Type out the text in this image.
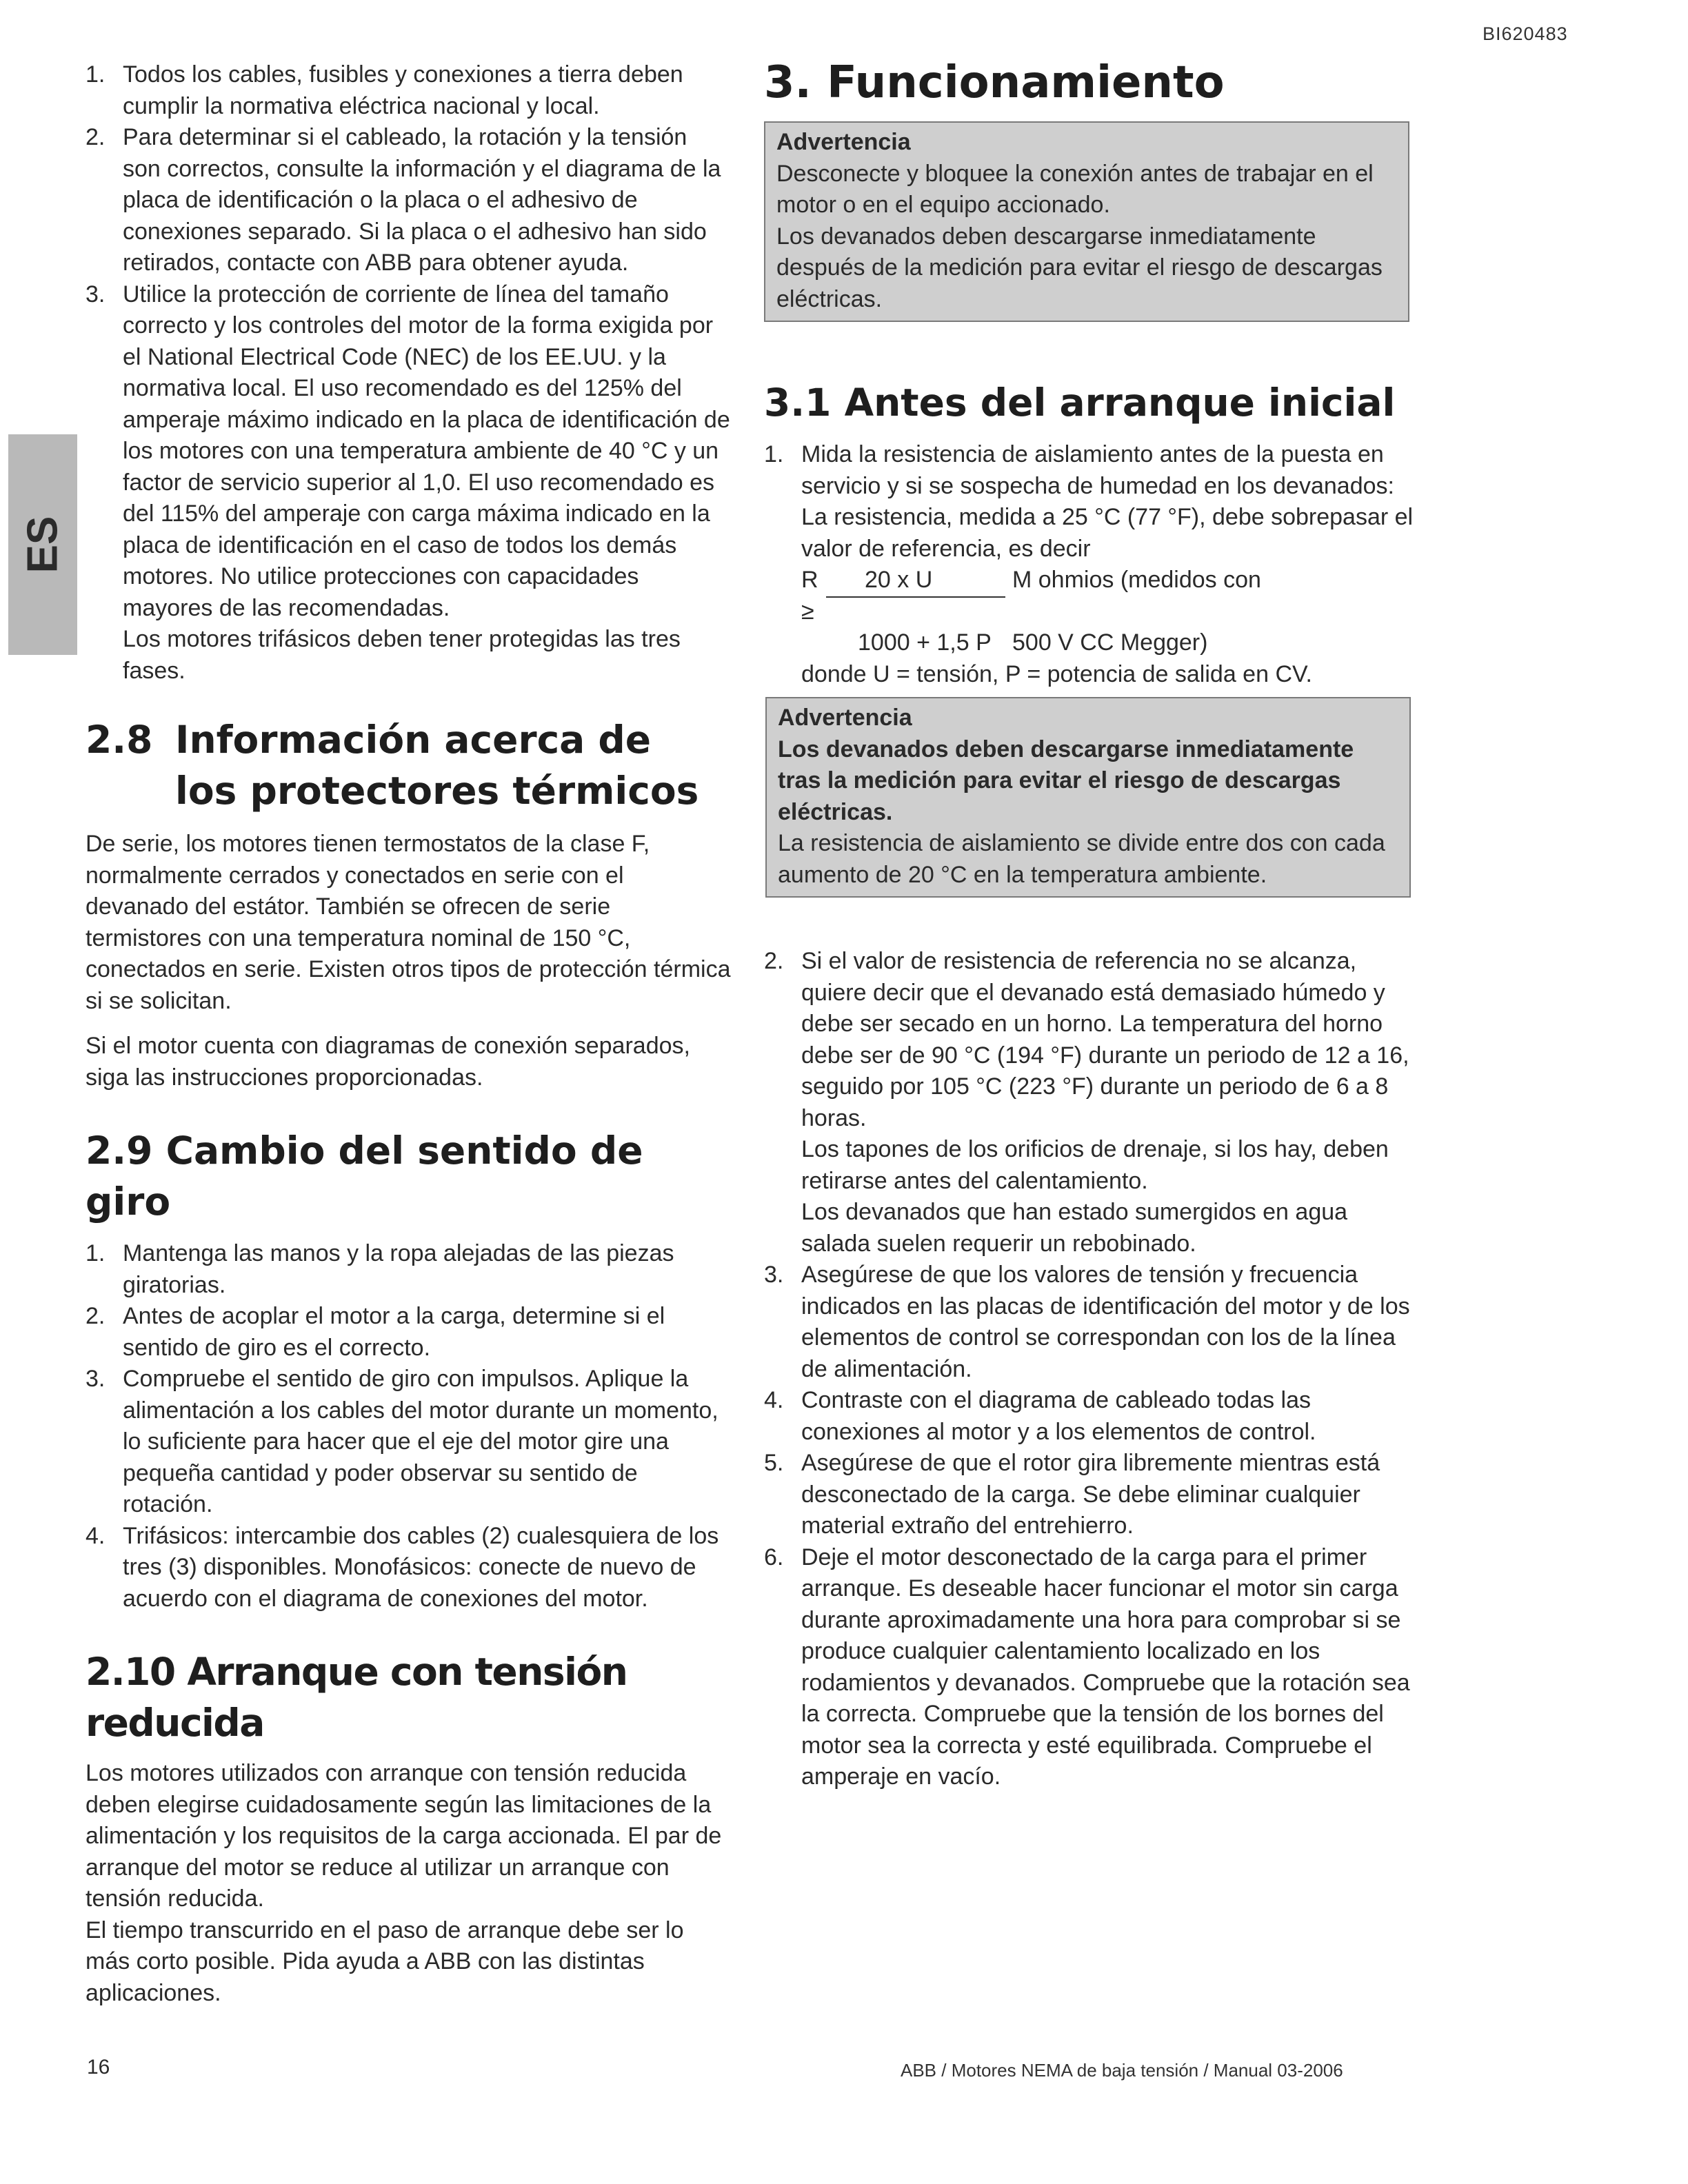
BI620483
ES
1. Todos los cables, fusibles y conexiones a tierra deben cumplir la normativa eléctrica nacional y local.
2. Para determinar si el cableado, la rotación y la tensión son correctos, consulte la información y el diagrama de la placa de identificación o la placa o el adhesivo de conexiones separado. Si la placa o el adhesivo han sido retirados, contacte con ABB para obtener ayuda.
3. Utilice la protección de corriente de línea del tamaño correcto y los controles del motor de la forma exigida por el National Electrical Code (NEC) de los EE.UU. y la normativa local. El uso recomendado es del 125% del amperaje máximo indicado en la placa de identificación de los motores con una temperatura ambiente de 40 °C y un factor de servicio superior al 1,0. El uso recomendado es del 115% del amperaje con carga máxima indicado en la placa de identificación en el caso de todos los demás motores. No utilice protecciones con capacidades mayores de las recomendadas.

Los motores trifásicos deben tener protegidas las tres fases.

2.8 Información acerca de
los protectores térmicos

De serie, los motores tienen termostatos de la clase F, normalmente cerrados y conectados en serie con el devanado del estátor. También se ofrecen de serie termistores con una temperatura nominal de 150 °C, conectados en serie. Existen otros tipos de protección térmica si se solicitan.

Si el motor cuenta con diagramas de conexión separados, siga las instrucciones proporcionadas.

2.9 Cambio del sentido de giro
1. Mantenga las manos y la ropa alejadas de las piezas giratorias.
2. Antes de acoplar el motor a la carga, determine si el sentido de giro es el correcto.
3. Compruebe el sentido de giro con impulsos. Aplique la alimentación a los cables del motor durante un momento, lo suficiente para hacer que el eje del motor gire una pequeña cantidad y poder observar su sentido de rotación.
4. Trifásicos: intercambie dos cables (2) cualesquiera de los tres (3) disponibles. Monofásicos: conecte de nuevo de acuerdo con el diagrama de conexiones del motor.
2.10 Arranque con tensión reducida

Los motores utilizados con arranque con tensión reducida deben elegirse cuidadosamente según las limitaciones de la alimentación y los requisitos de la carga accionada. El par de arranque del motor se reduce al utilizar un arranque con tensión reducida.

El tiempo transcurrido en el paso de arranque debe ser lo más corto posible. Pida ayuda a ABB con las distintas aplicaciones.

3. Funcionamiento
Advertencia
Desconecte y bloquee la conexión antes de trabajar en el motor o en el equipo accionado.
Los devanados deben descargarse inmediatamente después de la medición para evitar el riesgo de descargas eléctricas.
3.1 Antes del arranque inicial
1. Mida la resistencia de aislamiento antes de la puesta en servicio y si se sospecha de humedad en los devanados:

La resistencia, medida a 25 °C (77 °F), debe sobrepasar el valor de referencia, es decir

R ≥
20 x U	M ohmios (medidos con
1000 + 1,5 P 500 V CC Megger)

donde U = tensión, P = potencia de salida en CV.

Advertencia
Los devanados deben descargarse inmediatamente tras la medición para evitar el riesgo de descargas eléctricas.
La resistencia de aislamiento se divide entre dos con cada aumento de 20 °C en la temperatura ambiente.
2. Si el valor de resistencia de referencia no se alcanza, quiere decir que el devanado está demasiado húmedo y debe ser secado en un horno. La temperatura del horno debe ser de 90 °C (194 °F) durante un periodo de 12 a 16, seguido por 105 °C (223 °F) durante un periodo de 6 a 8 horas.

Los tapones de los orificios de drenaje, si los hay, deben retirarse antes del calentamiento.

Los devanados que han estado sumergidos en agua salada suelen requerir un rebobinado.

3. Asegúrese de que los valores de tensión y frecuencia indicados en las placas de identificación del motor y de los elementos de control se correspondan con los de la línea de alimentación.
4. Contraste con el diagrama de cableado todas las conexiones al motor y a los elementos de control.
5. Asegúrese de que el rotor gira libremente mientras está desconectado de la carga. Se debe eliminar cualquier material extraño del entrehierro.
6. Deje el motor desconectado de la carga para el primer arranque. Es deseable hacer funcionar el motor sin carga durante aproximadamente una hora para comprobar si se produce cualquier calentamiento localizado en los rodamientos y devanados. Compruebe que la rotación sea la correcta. Compruebe que la tensión de los bornes del motor sea la correcta y esté equilibrada. Compruebe el amperaje en vacío.
16	ABB / Motores NEMA de baja tensión / Manual 03-2006
